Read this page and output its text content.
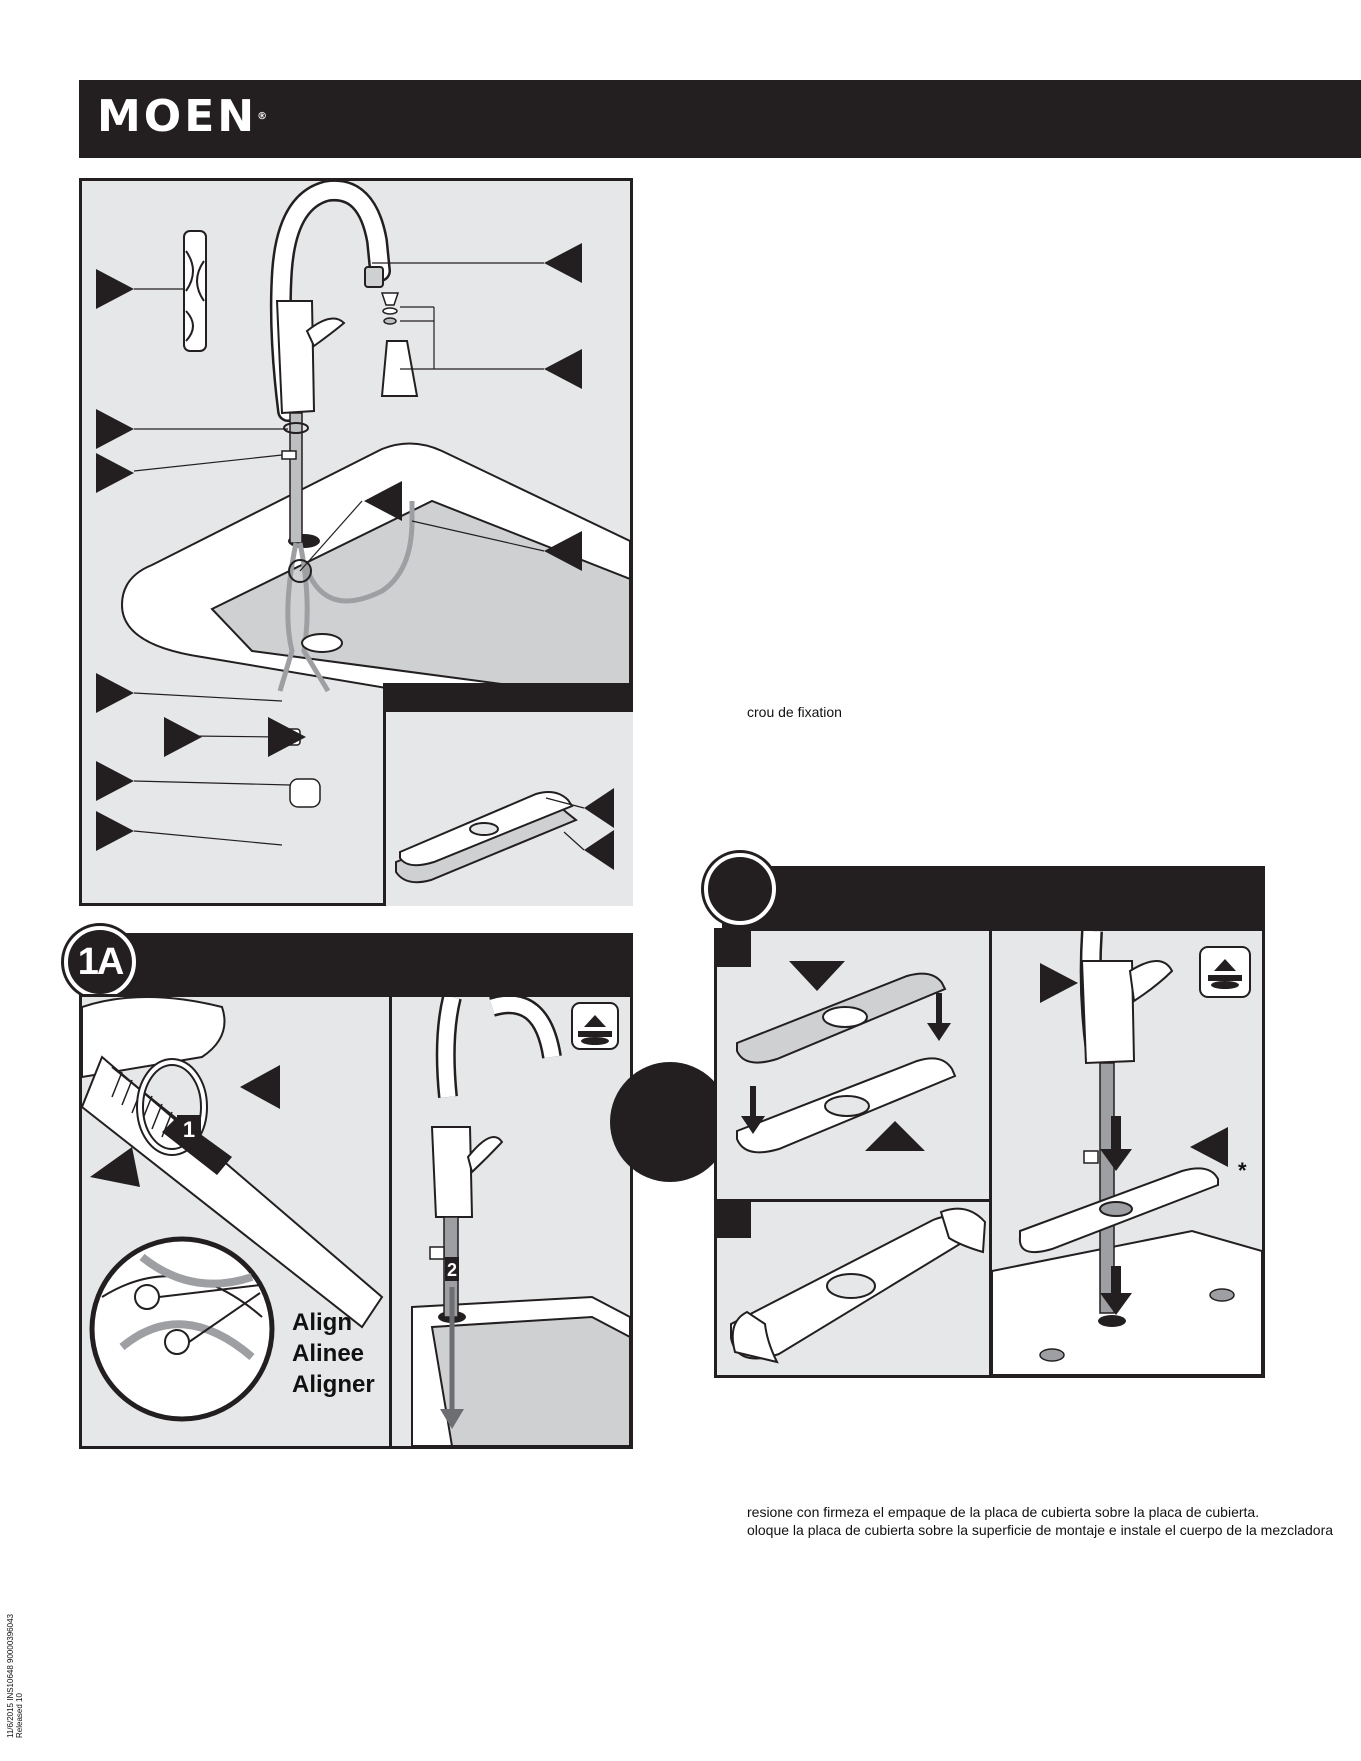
MOEN®
1A
1
Align
Alinee
Aligner
2
*
crou de fixation
resione con firmeza el empaque de la placa de cubierta sobre la placa de cubierta.
oloque la placa de cubierta sobre la superficie de montaje e instale el cuerpo de la mezcladora
11/6/2015 INS10648 90000396043 Released 10
